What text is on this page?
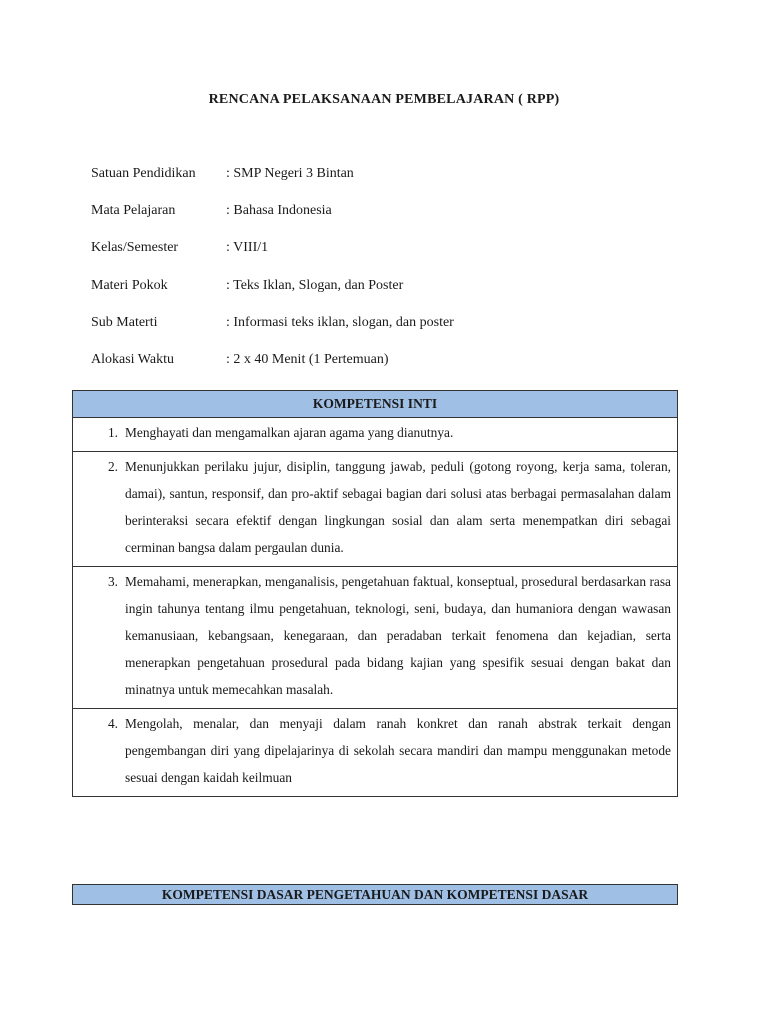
RENCANA PELAKSANAAN PEMBELAJARAN ( RPP)
Satuan Pendidikan	: SMP Negeri 3 Bintan
Mata Pelajaran	: Bahasa Indonesia
Kelas/Semester	: VIII/1
Materi Pokok	: Teks Iklan, Slogan, dan Poster
Sub Materti	: Informasi teks iklan, slogan, dan poster
Alokasi Waktu	: 2 x 40 Menit (1 Pertemuan)
KOMPETENSI INTI

1. Menghayati dan mengamalkan ajaran agama yang dianutnya.

2. Menunjukkan perilaku jujur, disiplin, tanggung jawab, peduli (gotong royong, kerja sama, toleran, damai), santun, responsif, dan pro-aktif sebagai bagian dari solusi atas berbagai permasalahan dalam berinteraksi secara efektif dengan lingkungan sosial dan alam serta menempatkan diri sebagai cerminan bangsa dalam pergaulan dunia.

3. Memahami, menerapkan, menganalisis, pengetahuan faktual, konseptual, prosedural berdasarkan rasa ingin tahunya tentang ilmu pengetahuan, teknologi, seni, budaya, dan humaniora dengan wawasan kemanusiaan, kebangsaan, kenegaraan, dan peradaban terkait fenomena dan kejadian, serta menerapkan pengetahuan prosedural pada bidang kajian yang spesifik sesuai dengan bakat dan minatnya untuk memecahkan masalah.

4. Mengolah, menalar, dan menyaji dalam ranah konkret dan ranah abstrak terkait dengan pengembangan diri yang dipelajarinya di sekolah secara mandiri dan mampu menggunakan metode sesuai dengan kaidah keilmuan
KOMPETENSI DASAR PENGETAHUAN DAN KOMPETENSI DASAR
